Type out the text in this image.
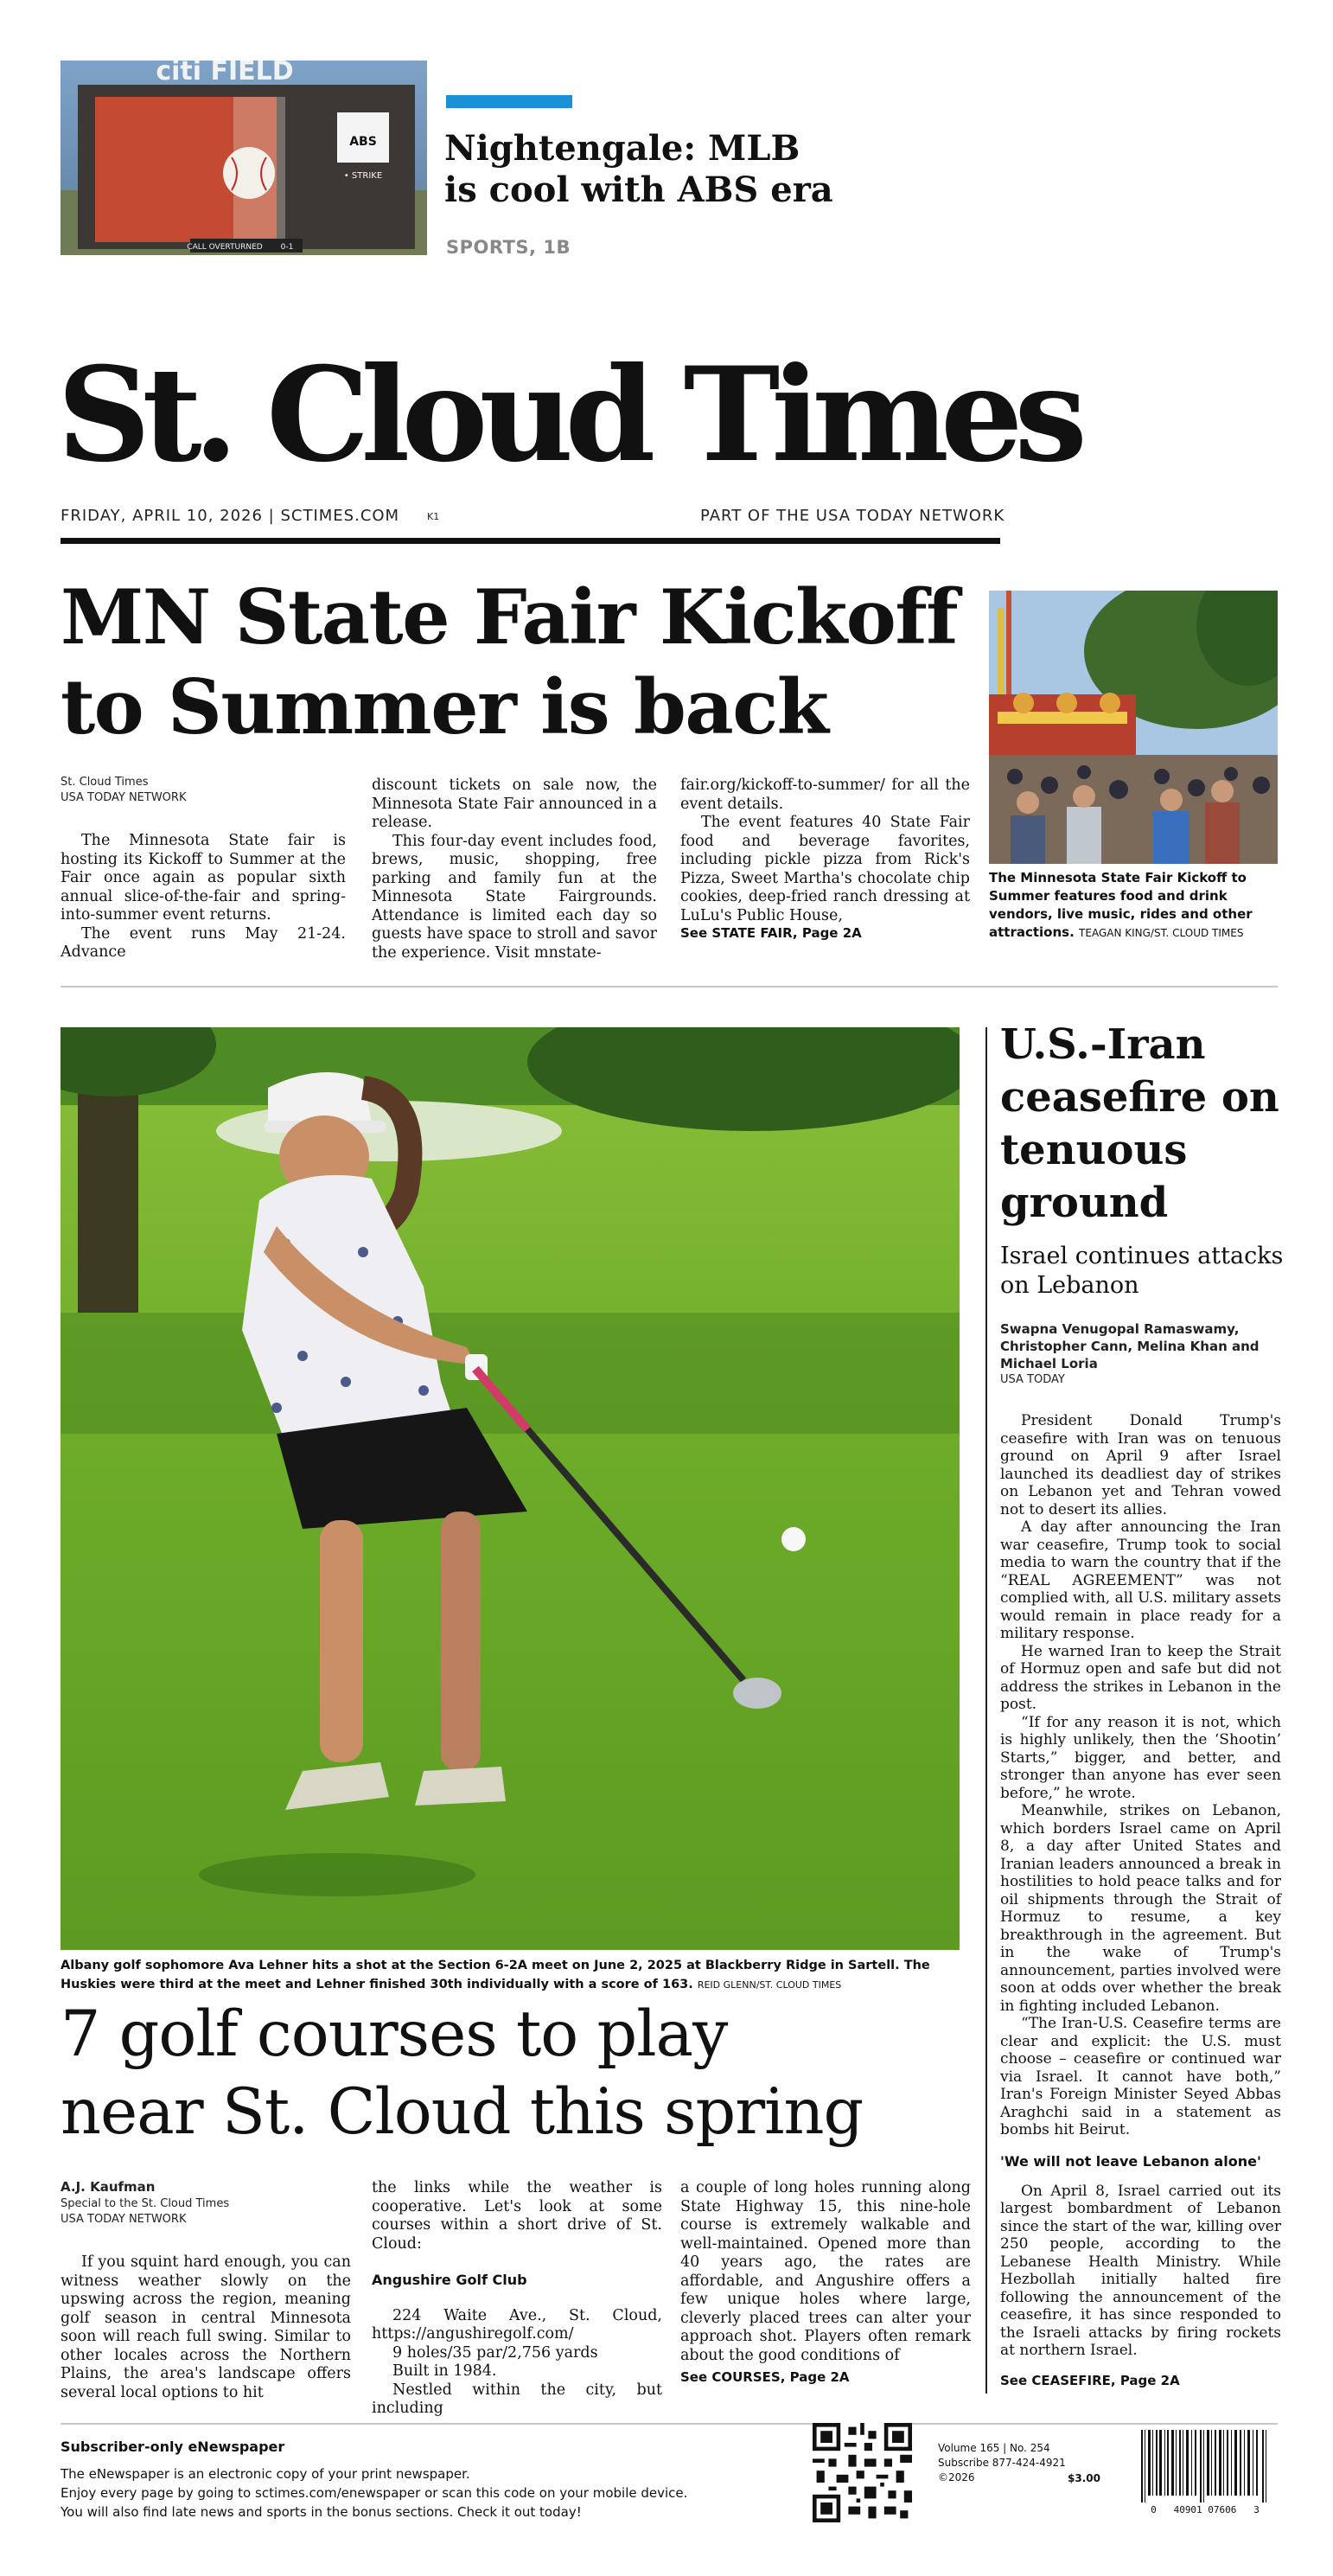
ABS
• STRIKE
CALL OVERTURNED 0-1
citi FIELD
Nightengale: MLB
is cool with ABS era
SPORTS, 1B
St. Cloud Times
FRIDAY, APRIL 10, 2026 | SCTIMES.COM	K1	PART OF THE USA TODAY NETWORK
MN State Fair Kickoff
to Summer is back
St. Cloud Times
USA TODAY NETWORK

The Minnesota State fair is hosting its Kickoff to Summer at the Fair once again as popular sixth annual slice-of-the-fair and spring-into-summer event returns.

The event runs May 21-24. Advance

discount tickets on sale now, the Minnesota State Fair announced in a release.

This four-day event includes food, brews, music, shopping, free parking and family fun at the Minnesota State Fairgrounds. Attendance is limited each day so guests have space to stroll and savor the experience. Visit mnstate-

fair.org/kickoff-to-summer/ for all the event details.

The event features 40 State Fair food and beverage favorites, including pickle pizza from Rick's Pizza, Sweet Martha's chocolate chip cookies, deep-fried ranch dressing at LuLu's Public House,

See STATE FAIR, Page 2A
The Minnesota State Fair Kickoff to Summer features food and drink vendors, live music, rides and other attractions. TEAGAN KING/ST. CLOUD TIMES
Albany golf sophomore Ava Lehner hits a shot at the Section 6-2A meet on June 2, 2025 at Blackberry Ridge in Sartell. The Huskies were third at the meet and Lehner finished 30th individually with a score of 163. REID GLENN/ST. CLOUD TIMES
7 golf courses to play
near St. Cloud this spring
A.J. Kaufman
Special to the St. Cloud Times
USA TODAY NETWORK

If you squint hard enough, you can witness weather slowly on the upswing across the region, meaning golf season in central Minnesota soon will reach full swing. Similar to other locales across the Northern Plains, the area's landscape offers several local options to hit

the links while the weather is cooperative. Let's look at some courses within a short drive of St. Cloud:

Angushire Golf Club

224 Waite Ave., St. Cloud, https://angushiregolf.com/

9 holes/35 par/2,756 yards

Built in 1984.

Nestled within the city, but including

a couple of long holes running along State Highway 15, this nine-hole course is extremely walkable and well-maintained. Opened more than 40 years ago, the rates are affordable, and Angushire offers a few unique holes where large, cleverly placed trees can alter your approach shot. Players often remark about the good conditions of

See COURSES, Page 2A
U.S.-Iran ceasefire on tenuous ground
Israel continues attacks on Lebanon
Swapna Venugopal Ramaswamy, Christopher Cann, Melina Khan and Michael Loria
USA TODAY

President Donald Trump's ceasefire with Iran was on tenuous ground on April 9 after Israel launched its deadliest day of strikes on Lebanon yet and Tehran vowed not to desert its allies.

A day after announcing the Iran war ceasefire, Trump took to social media to warn the country that if the “REAL AGREEMENT” was not complied with, all U.S. military assets would remain in place ready for a military response.

He warned Iran to keep the Strait of Hormuz open and safe but did not address the strikes in Lebanon in the post.

“If for any reason it is not, which is highly unlikely, then the ‘Shootin’ Starts,” bigger, and better, and stronger than anyone has ever seen before,” he wrote.

Meanwhile, strikes on Lebanon, which borders Israel came on April 8, a day after United States and Iranian leaders announced a break in hostilities to hold peace talks and for oil shipments through the Strait of Hormuz to resume, a key breakthrough in the agreement. But in the wake of Trump's announcement, parties involved were soon at odds over whether the break in fighting included Lebanon.

“The Iran-U.S. Ceasefire terms are clear and explicit: the U.S. must choose – ceasefire or continued war via Israel. It cannot have both,” Iran's Foreign Minister Seyed Abbas Araghchi said in a statement as bombs hit Beirut.

'We will not leave Lebanon alone'

On April 8, Israel carried out its largest bombardment of Lebanon since the start of the war, killing over 250 people, according to the Lebanese Health Ministry. While Hezbollah initially halted fire following the announcement of the ceasefire, it has since responded to the Israeli attacks by firing rockets at northern Israel.

See CEASEFIRE, Page 2A
Subscriber-only eNewspaper
The eNewspaper is an electronic copy of your print newspaper.
Enjoy every page by going to sctimes.com/enewspaper or scan this code on your mobile device.
You will also find late news and sports in the bonus sections. Check it out today!
Volume 165 | No. 254
Subscribe 877-424-4921
©2026	$3.00
0   40901 07606   3
